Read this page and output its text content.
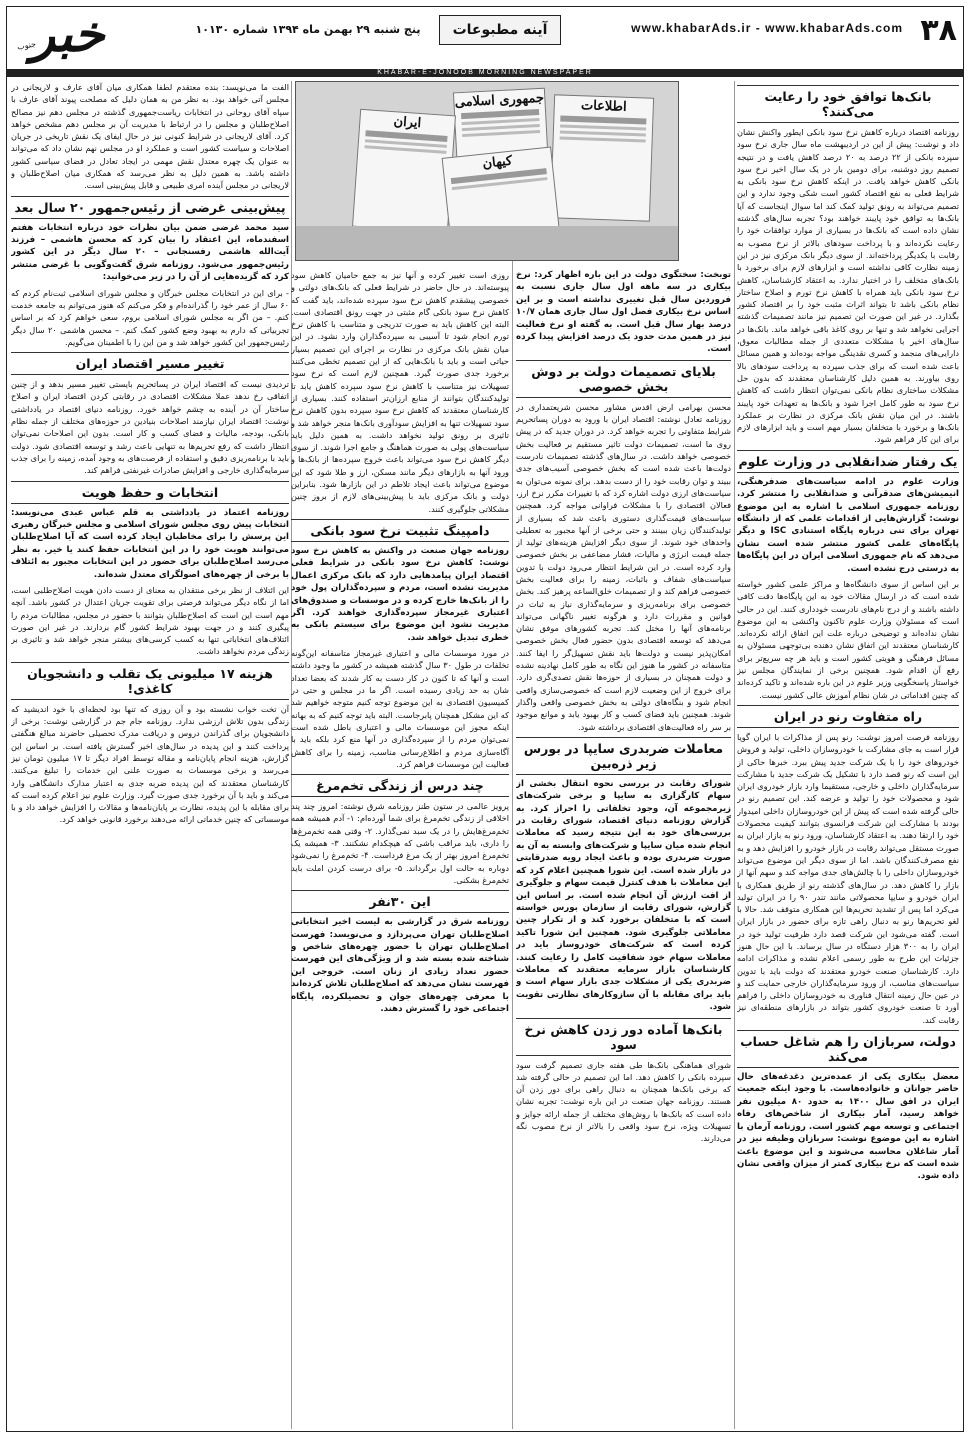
۳۸
www.khabarAds.ir - www.khabarAds.com
آینه مطبوعات
پنج شنبه ۲۹ بهمن ماه ۱۳۹۴ شماره ۱۰۱۳۰
خبر
جنوب
KHABAR-E-JONOOB MORNING NEWSPAPER
بانک‌ها توافق خود را رعایت می‌کنند؟
روزنامه اقتصاد درباره کاهش نرخ سود بانکی ایطور واکنش نشان داد و نوشت: پیش از این در اردیبهشت ماه سال جاری نرخ سود سپرده بانکی از ۲۲ درصد به ۲۰ درصد کاهش یافت و در نتیجه تصمیم روز دوشنبه، برای دومین بار در یک سال اخیر نرخ سود بانکی کاهش خواهد یافت. در اینکه کاهش نرخ سود بانکی به شرایط فعلی به نفع اقتصاد کشور است شکی وجود ندارد و این تصمیم می‌تواند به رونق تولید کمک کند اما سوال اینجاست که آیا بانک‌ها به توافق خود پایبند خواهند بود؟ تجربه سال‌های گذشته نشان داده است که بانک‌ها در بسیاری از موارد توافقات خود را رعایت نکرده‌اند و با پرداخت سودهای بالاتر از نرخ مصوب به رقابت با یکدیگر پرداخته‌اند. از سوی دیگر بانک مرکزی نیز در این زمینه نظارت کافی نداشته است و ابزارهای لازم برای برخورد با بانک‌های متخلف را در اختیار ندارد. به اعتقاد کارشناسان، کاهش نرخ سود بانکی باید همراه با کاهش نرخ تورم و اصلاح ساختار نظام بانکی باشد تا بتواند اثرات مثبت خود را بر اقتصاد کشور بگذارد. در غیر این صورت این تصمیم نیز مانند تصمیمات گذشته اجرایی نخواهد شد و تنها بر روی کاغذ باقی خواهد ماند. بانک‌ها در سال‌های اخیر با مشکلات متعددی از جمله مطالبات معوق، دارایی‌های منجمد و کسری نقدینگی مواجه بوده‌اند و همین مسائل باعث شده است که برای جذب سپرده به پرداخت سودهای بالا روی بیاورند. به همین دلیل کارشناسان معتقدند که بدون حل مشکلات ساختاری نظام بانکی نمی‌توان انتظار داشت که کاهش نرخ سود به طور کامل اجرا شود و بانک‌ها به تعهدات خود پایبند باشند. در این میان نقش بانک مرکزی در نظارت بر عملکرد بانک‌ها و برخورد با متخلفان بسیار مهم است و باید ابزارهای لازم برای این کار فراهم شود.
یک رفتار ضدانقلابی در وزارت علوم
وزارت علوم در ادامه سیاست‌های ضدفرهنگی، انیمیشن‌های ضدقرآنی و ضدانقلابی را منتشر کرد. روزنامه جمهوری اسلامی با اشاره به این موضوع نوشت: گزارش‌هایی از اقدامات علمی که از دانشگاه تهران برای تنی درباره پایگاه استنادی ISC و دیگر پایگاه‌های علمی کشور منتشر شده است نشان می‌دهد که نام جمهوری اسلامی ایران در این پایگاه‌ها به درستی درج نشده است.
بر این اساس از سوی دانشگاه‌ها و مراکز علمی کشور خواسته شده است که در ارسال مقالات خود به این پایگاه‌ها دقت کافی داشته باشند و از درج نام‌های نادرست خودداری کنند. این در حالی است که مسئولان وزارت علوم تاکنون واکنشی به این موضوع نشان نداده‌اند و توضیحی درباره علت این اتفاق ارائه نکرده‌اند. کارشناسان معتقدند این اتفاق نشان دهنده بی‌توجهی مسئولان به مسائل فرهنگی و هویتی کشور است و باید هر چه سریع‌تر برای رفع آن اقدام شود. همچنین برخی از نمایندگان مجلس نیز خواستار پاسخگویی وزیر علوم در این باره شده‌اند و تاکید کرده‌اند که چنین اقداماتی در شان نظام آموزش عالی کشور نیست.
راه متفاوت رنو در ایران
روزنامه فرصت امروز نوشت: رنو پس از مذاکرات با ایران گویا قرار است به جای مشارکت با خودروسازان داخلی، تولید و فروش خودروهای خود را با یک شرکت جدید پیش ببرد. خبرها حاکی از این است که رنو قصد دارد با تشکیل یک شرکت جدید با مشارکت سرمایه‌گذاران داخلی و خارجی، مستقیما وارد بازار خودروی ایران شود و محصولات خود را تولید و عرضه کند. این تصمیم رنو در حالی گرفته شده است که پیش از این خودروسازان داخلی امیدوار بودند با مشارکت این شرکت فرانسوی بتوانند کیفیت محصولات خود را ارتقا دهند. به اعتقاد کارشناسان، ورود رنو به بازار ایران به صورت مستقل می‌تواند رقابت در بازار خودرو را افزایش دهد و به نفع مصرف‌کنندگان باشد. اما از سوی دیگر این موضوع می‌تواند خودروسازان داخلی را با چالش‌های جدی مواجه کند و سهم آنها از بازار را کاهش دهد. در سال‌های گذشته رنو از طریق همکاری با ایران خودرو و سایپا محصولاتی مانند تندر ۹۰ را در ایران تولید می‌کرد اما پس از تشدید تحریم‌ها این همکاری متوقف شد. حالا با لغو تحریم‌ها رنو به دنبال راهی تازه برای حضور در بازار ایران است. گفته می‌شود این شرکت قصد دارد ظرفیت تولید خود در ایران را به ۳۰۰ هزار دستگاه در سال برساند. با این حال هنوز جزئیات این طرح به طور رسمی اعلام نشده و مذاکرات ادامه دارد. کارشناسان صنعت خودرو معتقدند که دولت باید با تدوین سیاست‌های مناسب، از ورود سرمایه‌گذاران خارجی حمایت کند و در عین حال زمینه انتقال فناوری به خودروسازان داخلی را فراهم آورد تا صنعت خودروی کشور بتواند در بازارهای منطقه‌ای نیز رقابت کند.
دولت، سربازان را هم شاغل حساب می‌کند
معضل بیکاری یکی از عمده‌ترین دغدغه‌های حال حاضر جوانان و خانواده‌هاست. با وجود اینکه جمعیت ایران در افق سال ۱۴۰۰ به حدود ۸۰ میلیون نفر خواهد رسید، آمار بیکاری از شاخص‌های رفاه اجتماعی و توسعه مهم کشور است. روزنامه آرمان با اشاره به این موضوع نوشت: سربازان وظیفه نیز در آمار شاغلان محاسبه می‌شوند و این موضوع باعث شده است که نرخ بیکاری کمتر از میزان واقعی نشان داده شود.
جمهوری اسلامی
ایران
اطلاعات
کیهان
توبخت: سختگوی دولت در این باره اظهار کرد: نرخ بیکاری در سه ماهه اول سال جاری نسبت به فروردین سال قبل تغییری نداشته است و بر این اساس نرخ بیکاری فصل اول سال جاری همان ۱۰/۷ درصد بهار سال قبل است. به گفته او نرخ فعالیت نیز در همین مدت حدود یک درصد افزایش پیدا کرده است.
بلایای تصمیمات دولت بر دوش بخش خصوصی
محسن بهرامی ارض اقدس مشاور محسن شریعتمداری در روزنامه تعادل نوشته: اقتصاد ایران با ورود به دوران پساتحریم شرایط متفاوتی را تجربه خواهد کرد. در دوران جدید که در پیش روی ما است، تصمیمات دولت تاثیر مستقیم بر فعالیت بخش خصوصی خواهد داشت. در سال‌های گذشته تصمیمات نادرست دولت‌ها باعث شده است که بخش خصوصی آسیب‌های جدی ببیند و توان رقابت خود را از دست بدهد. برای نمونه می‌توان به سیاست‌های ارزی دولت اشاره کرد که با تغییرات مکرر نرخ ارز، فعالان اقتصادی را با مشکلات فراوانی مواجه کرد. همچنین سیاست‌های قیمت‌گذاری دستوری باعث شد که بسیاری از تولیدکنندگان زیان ببینند و حتی برخی از آنها مجبور به تعطیلی واحدهای خود شوند. از سوی دیگر افزایش هزینه‌های تولید از جمله قیمت انرژی و مالیات، فشار مضاعفی بر بخش خصوصی وارد کرده است. در این شرایط انتظار می‌رود دولت با تدوین سیاست‌های شفاف و باثبات، زمینه را برای فعالیت بخش خصوصی فراهم کند و از تصمیمات خلق‌الساعه پرهیز کند. بخش خصوصی برای برنامه‌ریزی و سرمایه‌گذاری نیاز به ثبات در قوانین و مقررات دارد و هرگونه تغییر ناگهانی می‌تواند برنامه‌های آنها را مختل کند. تجربه کشورهای موفق نشان می‌دهد که توسعه اقتصادی بدون حضور فعال بخش خصوصی امکان‌پذیر نیست و دولت‌ها باید نقش تسهیل‌گر را ایفا کنند. متاسفانه در کشور ما هنوز این نگاه به طور کامل نهادینه نشده و دولت همچنان در بسیاری از حوزه‌ها نقش تصدی‌گری دارد. برای خروج از این وضعیت لازم است که خصوصی‌سازی واقعی انجام شود و بنگاه‌های دولتی به بخش خصوصی واقعی واگذار شوند. همچنین باید فضای کسب و کار بهبود یابد و موانع موجود بر سر راه فعالیت‌های اقتصادی برداشته شود.
معاملات ضربدری سایپا در بورس زیر ذره‌بین
شورای رقابت در بررسی نحوه انتقال بخشی از سهام کارگزاری به سایپا و برخی شرکت‌های زیرمجموعه آن، وجود تخلفاتی را احراز کرد. به گزارش روزنامه دنیای اقتصاد، شورای رقابت در بررسی‌های خود به این نتیجه رسید که معاملات انجام شده میان سایپا و شرکت‌های وابسته به آن به صورت ضربدری بوده و باعث ایجاد رویه ضدرقابتی در بازار شده است. این شورا همچنین اعلام کرد که این معاملات با هدف کنترل قیمت سهام و جلوگیری از افت ارزش آن انجام شده است. بر اساس این گزارش، شورای رقابت از سازمان بورس خواسته است که با متخلفان برخورد کند و از تکرار چنین معاملاتی جلوگیری شود. همچنین این شورا تاکید کرده است که شرکت‌های خودروساز باید در معاملات سهام خود شفافیت کامل را رعایت کنند. کارشناسان بازار سرمایه معتقدند که معاملات ضربدری یکی از مشکلات جدی بازار سهام است و باید برای مقابله با آن سازوکارهای نظارتی تقویت شود.
بانک‌ها آماده دور زدن کاهش نرخ سود
شورای هماهنگی بانک‌ها طی هفته جاری تصمیم گرفت سود سپرده بانکی را کاهش دهد. اما این تصمیم در حالی گرفته شد که برخی بانک‌ها همچنان به دنبال راهی برای دور زدن آن هستند. روزنامه جهان صنعت در این باره نوشت: تجربه نشان داده است که بانک‌ها با روش‌های مختلف از جمله ارائه جوایز و تسهیلات ویژه، نرخ سود واقعی را بالاتر از نرخ مصوب نگه می‌دارند.
روزی است تغییر کرده و آنها نیز به جمع حامیان کاهش سود پیوسته‌اند. در حال حاضر در شرایط فعلی که بانک‌های دولتی و خصوصی پیشقدم کاهش نرخ سود سپرده شده‌اند، باید گفت که کاهش نرخ سود بانکی گام مثبتی در جهت رونق اقتصادی است. البته این کاهش باید به صورت تدریجی و متناسب با کاهش نرخ تورم انجام شود تا آسیبی به سپرده‌گذاران وارد نشود. در این میان نقش بانک مرکزی در نظارت بر اجرای این تصمیم بسیار حیاتی است و باید با بانک‌هایی که از این تصمیم تخطی می‌کنند برخورد جدی صورت گیرد. همچنین لازم است که نرخ سود تسهیلات نیز متناسب با کاهش نرخ سود سپرده کاهش یابد تا تولیدکنندگان بتوانند از منابع ارزان‌تر استفاده کنند. بسیاری از کارشناسان معتقدند که کاهش نرخ سود سپرده بدون کاهش نرخ سود تسهیلات تنها به افزایش سودآوری بانک‌ها منجر خواهد شد و تاثیری بر رونق تولید نخواهد داشت. به همین دلیل باید سیاست‌های پولی به صورت هماهنگ و جامع اجرا شوند. از سوی دیگر کاهش نرخ سود می‌تواند باعث خروج سپرده‌ها از بانک‌ها و ورود آنها به بازارهای دیگر مانند مسکن، ارز و طلا شود که این موضوع می‌تواند باعث ایجاد تلاطم در این بازارها شود. بنابراین دولت و بانک مرکزی باید با پیش‌بینی‌های لازم از بروز چنین مشکلاتی جلوگیری کنند.
دامپینگ تثبیت نرخ سود بانکی
روزنامه جهان صنعت در واکنش به کاهش نرخ سود نوشت: کاهش نرخ سود بانکی در شرایط فعلی اقتصاد ایران پیامدهایی دارد که بانک مرکزی اعمال مدیریت نشده است، مردم و سپرده‌گذاران پول خود را از بانک‌ها خارج کرده و در موسسات و صندوق‌های اعتباری غیرمجاز سپرده‌گذاری خواهند کرد. اگر مدیریت نشود این موضوع برای سیستم بانکی به خطری تبدیل خواهد شد.
در مورد موسسات مالی و اعتباری غیرمجاز متاسفانه این‌گونه تخلفات در طول ۳۰ سال گذشته همیشه در کشور ما وجود داشته است و آنها که تا کنون در کار دست به کار شدند که بعضا تعداد شان به حد زیادی رسیده است. اگر ما در مجلس و حتی در کمیسیون اقتصادی به این موضوع توجه کنیم متوجه خواهیم شد که این مشکل همچنان پابرجاست. البته باید توجه کنیم که به بهانه اینکه مجوز این موسسات مالی و اعتباری باطل شده است نمی‌توان مردم را از سپرده‌گذاری در آنها منع کرد بلکه باید با آگاه‌سازی مردم و اطلاع‌رسانی مناسب، زمینه را برای کاهش فعالیت این موسسات فراهم کرد.
چند درس از زندگی تخم‌مرغ
پرویز عالمی در ستون طنز روزنامه شرق نوشته: امروز چند پند اخلاقی از زندگی تخم‌مرغ برای شما آورده‌ام: ۱- آدم همیشه همه تخم‌مرغ‌هایش را در یک سبد نمی‌گذارد. ۲- وقتی همه تخم‌مرغ‌ها را داری، باید مراقب باشی که هیچکدام نشکنند. ۳- همیشه یک تخم‌مرغ امروز بهتر از یک مرغ فرداست. ۴- تخم‌مرغ را نمی‌شود دوباره به حالت اول برگرداند. ۵- برای درست کردن املت باید تخم‌مرغ بشکنی.
این ۳۰نفر
روزنامه شرق در گزارشی به لیست اخیر انتخاباتی اصلاح‌طلبان تهران می‌پردازد و می‌نویسد: فهرست اصلاح‌طلبان تهران با حضور چهره‌های شاخص و شناخته شده بسته شد و از ویژگی‌های این فهرست حضور تعداد زیادی از زنان است. خروجی این فهرست نشان می‌دهد که اصلاح‌طلبان تلاش کرده‌اند با معرفی چهره‌های جوان و تحصیلکرده، پایگاه اجتماعی خود را گسترش دهند.
الفت ما می‌نویسد: بنده معتقدم لطفا همکاری میان آقای عارف و لاریجانی در مجلس آتی خواهد بود. به نظر من به همان دلیل که مصلحت پیوند آقای عارف با سپاه آقای روحانی در انتخابات ریاست‌جمهوری گذشته در مجلس دهم نیز مصالح اصلاح‌طلبان و مجلس را در ارتباط با مدیریت آن بر مجلس دهم مشخص خواهد کرد. آقای لاریجانی در شرایط کنونی نیز در حال ایفای یک نقش تاریخی در جریان اصلاحات و سیاست کشور است و عملکرد او در مجلس نهم نشان داد که می‌تواند به عنوان یک چهره معتدل نقش مهمی در ایجاد تعادل در فضای سیاسی کشور داشته باشد. به همین دلیل به نظر می‌رسد که همکاری میان اصلاح‌طلبان و لاریجانی در مجلس آینده امری طبیعی و قابل پیش‌بینی است.
پیش‌بینی غرضی از رئیس‌جمهور ۲۰ سال بعد
سید محمد غرضی ضمن بیان نظرات خود درباره انتخابات هفتم اسفندماه، این اعتقاد را بیان کرد که محسن هاشمی – فرزند آیت‌الله هاشمی رفسنجانی – ۲۰ سال دیگر در این کشور رئیس‌جمهور می‌شود. روزنامه شرق گفت‌وگویی با غرضی منتشر کرد که گزیده‌هایی از آن را در زیر می‌خوانید:
- برای این در انتخابات مجلس خبرگان و مجلس شورای اسلامی ثبت‌نام کردم که ۶۰ سال از عمر خود را گذرانده‌ام و فکر می‌کنم که هنوز می‌توانم به جامعه خدمت کنم. – من اگر به مجلس شورای اسلامی بروم، سعی خواهم کرد که بر اساس تجربیاتی که دارم به بهبود وضع کشور کمک کنم. – محسن هاشمی ۲۰ سال دیگر رئیس‌جمهور این کشور خواهد شد و من این را با اطمینان می‌گویم.
تغییر مسیر اقتصاد ایران
تردیدی نیست که اقتصاد ایران در پساتحریم بایستی تغییر مسیر بدهد و از چنین اتفاقی رخ ندهد عملا مشکلات اقتصادی در رقابتی کردن اقتصاد ایران و اصلاح ساختار آن در آینده به چشم خواهد خورد. روزنامه دنیای اقتصاد در یادداشتی نوشت: اقتصاد ایران نیازمند اصلاحات بنیادین در حوزه‌های مختلف از جمله نظام بانکی، بودجه، مالیات و فضای کسب و کار است. بدون این اصلاحات نمی‌توان انتظار داشت که رفع تحریم‌ها به تنهایی باعث رشد و توسعه اقتصادی شود. دولت باید با برنامه‌ریزی دقیق و استفاده از فرصت‌های به وجود آمده، زمینه را برای جذب سرمایه‌گذاری خارجی و افزایش صادرات غیرنفتی فراهم کند.
انتخابات و حفظ هویت
روزنامه اعتماد در یادداشتی به قلم عباس عبدی می‌نویسد: انتخابات پیش روی مجلس شورای اسلامی و مجلس خبرگان رهبری این پرسش را برای مخاطبان ایجاد کرده است که آیا اصلاح‌طلبان می‌توانند هویت خود را در این انتخابات حفظ کنند یا خیر. به نظر می‌رسد اصلاح‌طلبان برای حضور در این انتخابات مجبور به ائتلاف با برخی از چهره‌های اصولگرای معتدل شده‌اند.
این ائتلاف از نظر برخی منتقدان به معنای از دست دادن هویت اصلاح‌طلبی است، اما از نگاه دیگر می‌تواند فرصتی برای تقویت جریان اعتدال در کشور باشد. آنچه مهم است این است که اصلاح‌طلبان بتوانند با حضور در مجلس، مطالبات مردم را پیگیری کنند و در جهت بهبود شرایط کشور گام بردارند. در غیر این صورت ائتلاف‌های انتخاباتی تنها به کسب کرسی‌های بیشتر منجر خواهد شد و تاثیری بر زندگی مردم نخواهد داشت.
هزینه ۱۷ میلیونی یک تقلب و دانشجویان کاغذی!
آن تخت خواب نشسته بود و آن روزی که تنها بود لحظه‌ای با خود اندیشید که زندگی بدون تلاش ارزشی ندارد. روزنامه جام جم در گزارشی نوشت: برخی از دانشجویان برای گذراندن دروس و دریافت مدرک تحصیلی حاضرند مبالغ هنگفتی پرداخت کنند و این پدیده در سال‌های اخیر گسترش یافته است. بر اساس این گزارش، هزینه انجام پایان‌نامه و مقاله توسط افراد دیگر تا ۱۷ میلیون تومان نیز می‌رسد و برخی موسسات به صورت علنی این خدمات را تبلیغ می‌کنند. کارشناسان معتقدند که این پدیده ضربه جدی به اعتبار مدارک دانشگاهی وارد می‌کند و باید با آن برخورد جدی صورت گیرد. وزارت علوم نیز اعلام کرده است که برای مقابله با این پدیده، نظارت بر پایان‌نامه‌ها و مقالات را افزایش خواهد داد و با موسساتی که چنین خدماتی ارائه می‌دهند برخورد قانونی خواهد کرد.
